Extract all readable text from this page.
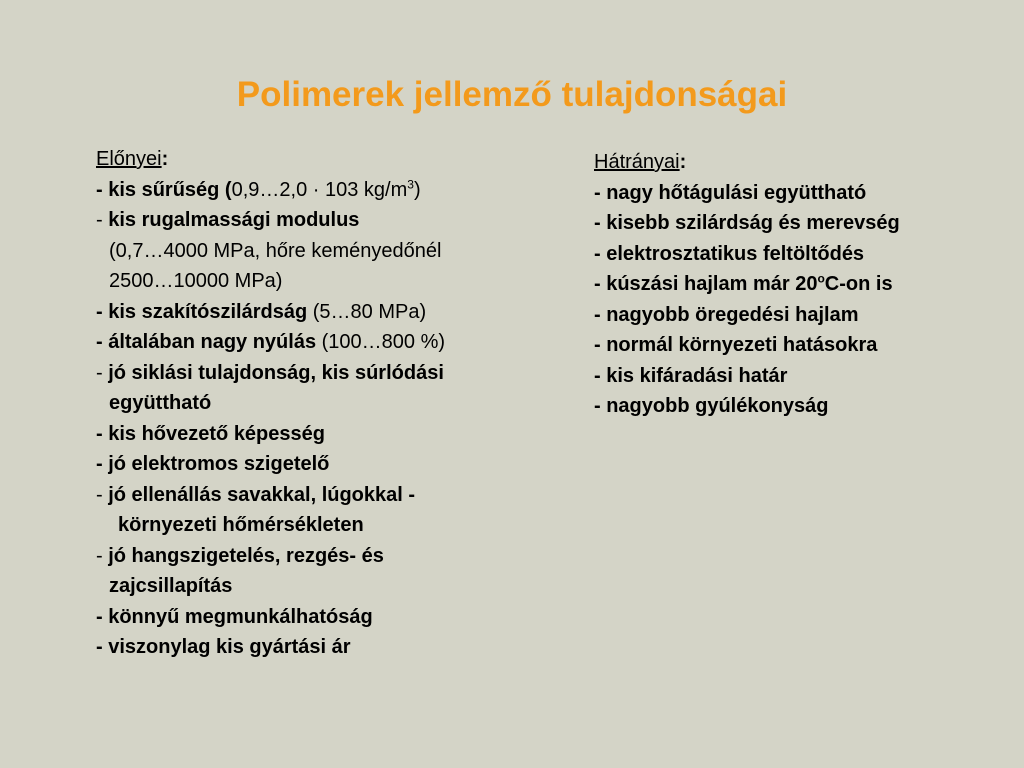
Polimerek jellemző tulajdonságai
Előnyei:
- kis sűrűség (0,9…2,0 · 103 $kg/m^3$)
- kis rugalmassági modulus
(0,7…4000 MPa, hőre keményedőnél
2500…10000 MPa)
- kis szakítószilárdság (5…80 MPa)
- általában nagy nyúlás (100…800 %)
- jó siklási tulajdonság, kis súrlódási
együttható
- kis hővezető képesség
- jó elektromos szigetelő
- jó ellenállás savakkal, lúgokkal -
környezeti hőmérsékleten
- jó hangszigetelés, rezgés- és
zajcsillapítás
- könnyű megmunkálhatóság
- viszonylag kis gyártási ár
Hátrányai:
- nagy hőtágulási együttható
- kisebb szilárdság és merevség
- elektrosztatikus feltöltődés
- kúszási hajlam már 20$^o$C-on is
- nagyobb öregedési hajlam
- normál környezeti hatásokra
- kis kifáradási határ
- nagyobb gyúlékonyság
